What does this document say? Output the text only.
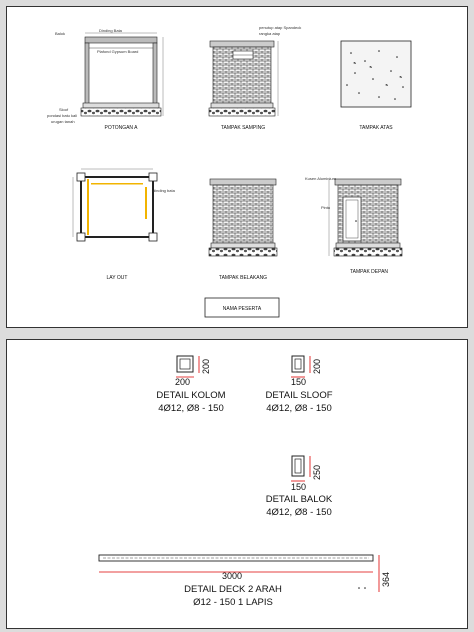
Balok
Dinding Bata
Plafond Gypsum Board
Sloof
pondasi batu kali
urugan tanah
POTONGAN A
penutup atap Spandeck
rangka atap
TAMPAK SAMPING	TAMPAK ATAS
dinding bata
LAY OUT	TAMPAK BELAKANG
Kusen Aluminium
Pintu
TAMPAK DEPAN
NAMA PESERTA
200
200
DETAIL KOLOM
4Ø12, Ø8 - 150
150
200
DETAIL SLOOF
4Ø12, Ø8 - 150
150
250
DETAIL BALOK
4Ø12, Ø8 - 150
3000	364
DETAIL DECK 2 ARAH
Ø12 - 150 1 LAPIS
